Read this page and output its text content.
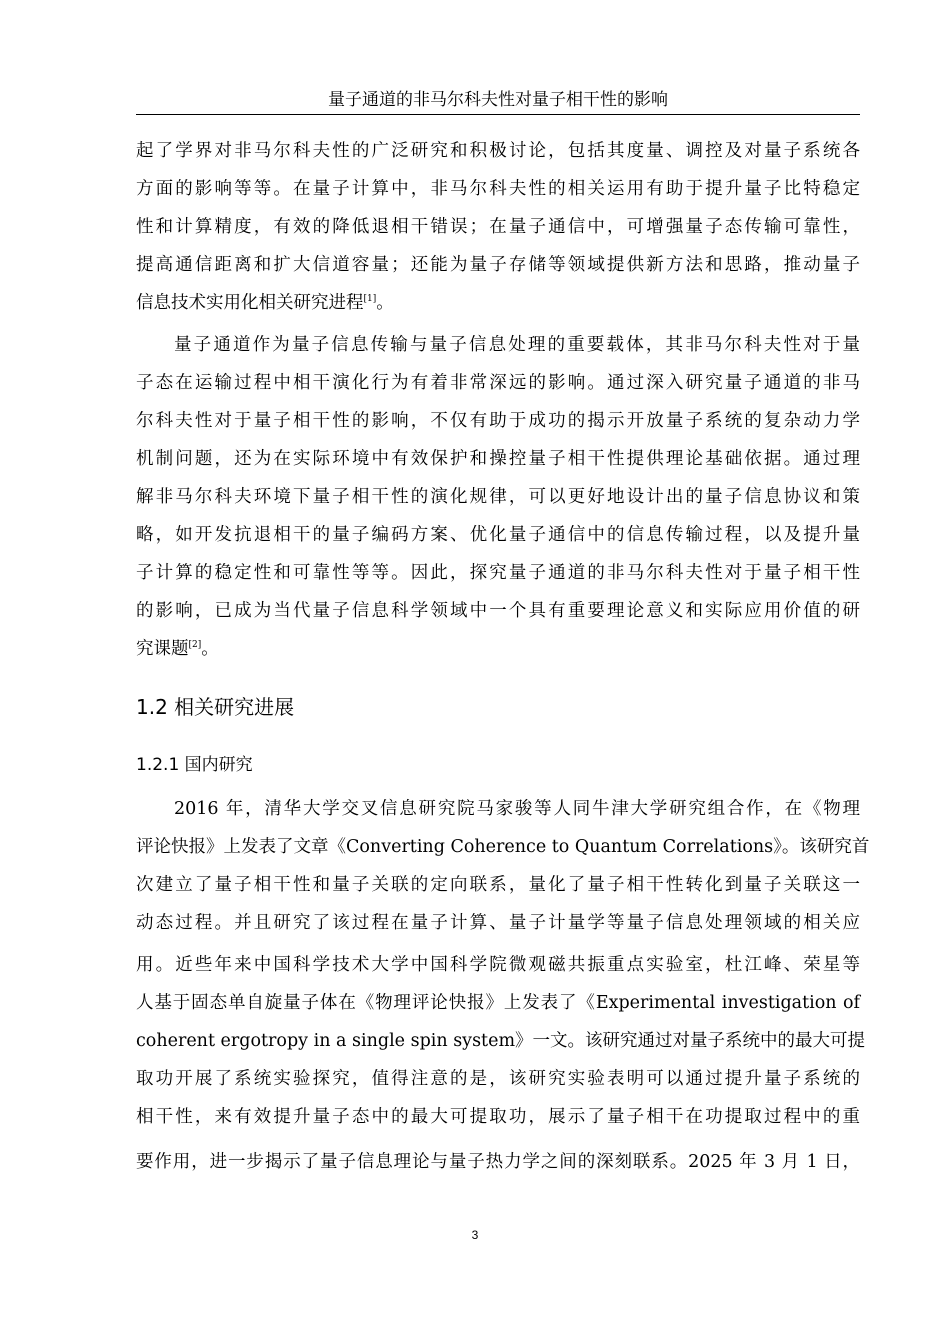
量子通道的非马尔科夫性对量子相干性的影响
起了学界对非马尔科夫性的广泛研究和积极讨论，包括其度量、调控及对量子系统各
方面的影响等等。在量子计算中，非马尔科夫性的相关运用有助于提升量子比特稳定
性和计算精度，有效的降低退相干错误；在量子通信中，可增强量子态传输可靠性，
提高通信距离和扩大信道容量；还能为量子存储等领域提供新方法和思路，推动量子
信息技术实用化相关研究进程[1]。
量子通道作为量子信息传输与量子信息处理的重要载体，其非马尔科夫性对于量
子态在运输过程中相干演化行为有着非常深远的影响。通过深入研究量子通道的非马
尔科夫性对于量子相干性的影响，不仅有助于成功的揭示开放量子系统的复杂动力学
机制问题，还为在实际环境中有效保护和操控量子相干性提供理论基础依据。通过理
解非马尔科夫环境下量子相干性的演化规律，可以更好地设计出的量子信息协议和策
略，如开发抗退相干的量子编码方案、优化量子通信中的信息传输过程，以及提升量
子计算的稳定性和可靠性等等。因此，探究量子通道的非马尔科夫性对于量子相干性
的影响，已成为当代量子信息科学领域中一个具有重要理论意义和实际应用价值的研
究课题[2]。
1.2 相关研究进展
1.2.1 国内研究
2016 年，清华大学交叉信息研究院马家骏等人同牛津大学研究组合作，在《物理
评论快报》上发表了文章《Converting Coherence to Quantum Correlations》。该研究首
次建立了量子相干性和量子关联的定向联系，量化了量子相干性转化到量子关联这一
动态过程。并且研究了该过程在量子计算、量子计量学等量子信息处理领域的相关应
用。近些年来中国科学技术大学中国科学院微观磁共振重点实验室，杜江峰、荣星等
人基于固态单自旋量子体在《物理评论快报》上发表了《Experimental investigation of
coherent ergotropy in a single spin system》一文。该研究通过对量子系统中的最大可提
取功开展了系统实验探究，值得注意的是，该研究实验表明可以通过提升量子系统的
相干性，来有效提升量子态中的最大可提取功，展示了量子相干在功提取过程中的重
要作用，进一步揭示了量子信息理论与量子热力学之间的深刻联系。2025 年 3 月 1 日，
3
